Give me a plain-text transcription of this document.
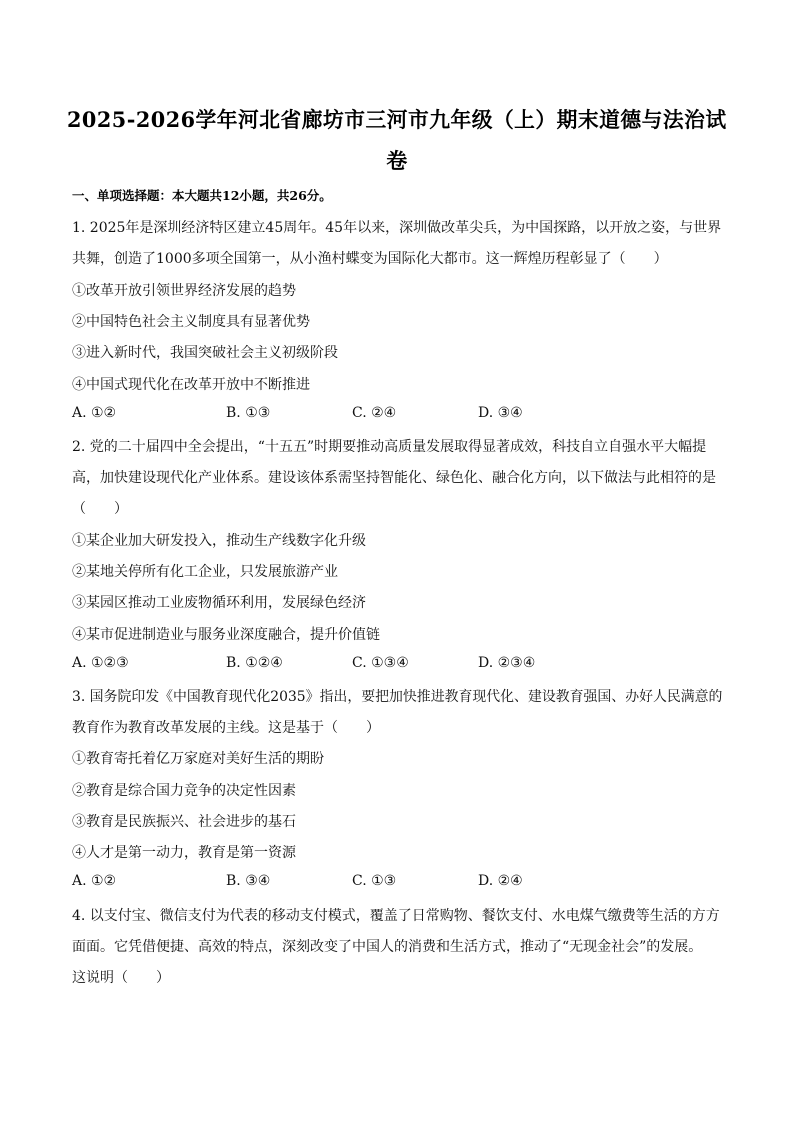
2025-2026学年河北省廊坊市三河市九年级（上）期末道德与法治试
卷
一、单项选择题：本大题共12小题，共26分。
1. 2025年是深圳经济特区建立45周年。45年以来，深圳做改革尖兵，为中国探路，以开放之姿，与世界
共舞，创造了1000多项全国第一，从小渔村蝶变为国际化大都市。这一辉煌历程彰显了（　　）
①改革开放引领世界经济发展的趋势
②中国特色社会主义制度具有显著优势
③进入新时代，我国突破社会主义初级阶段
④中国式现代化在改革开放中不断推进
A. ①②	B. ①③	C. ②④	D. ③④
2. 党的二十届四中全会提出，“十五五”时期要推动高质量发展取得显著成效，科技自立自强水平大幅提
高，加快建设现代化产业体系。建设该体系需坚持智能化、绿色化、融合化方向，以下做法与此相符的是
（　　）
①某企业加大研发投入，推动生产线数字化升级
②某地关停所有化工企业，只发展旅游产业
③某园区推动工业废物循环利用，发展绿色经济
④某市促进制造业与服务业深度融合，提升价值链
A. ①②③	B. ①②④	C. ①③④	D. ②③④
3. 国务院印发《中国教育现代化2035》指出，要把加快推进教育现代化、建设教育强国、办好人民满意的
教育作为教育改革发展的主线。这是基于（　　）
①教育寄托着亿万家庭对美好生活的期盼
②教育是综合国力竞争的决定性因素
③教育是民族振兴、社会进步的基石
④人才是第一动力，教育是第一资源
A. ①②	B. ③④	C. ①③	D. ②④
4. 以支付宝、微信支付为代表的移动支付模式，覆盖了日常购物、餐饮支付、水电煤气缴费等生活的方方
面面。它凭借便捷、高效的特点，深刻改变了中国人的消费和生活方式，推动了“无现金社会”的发展。
这说明（　　）
